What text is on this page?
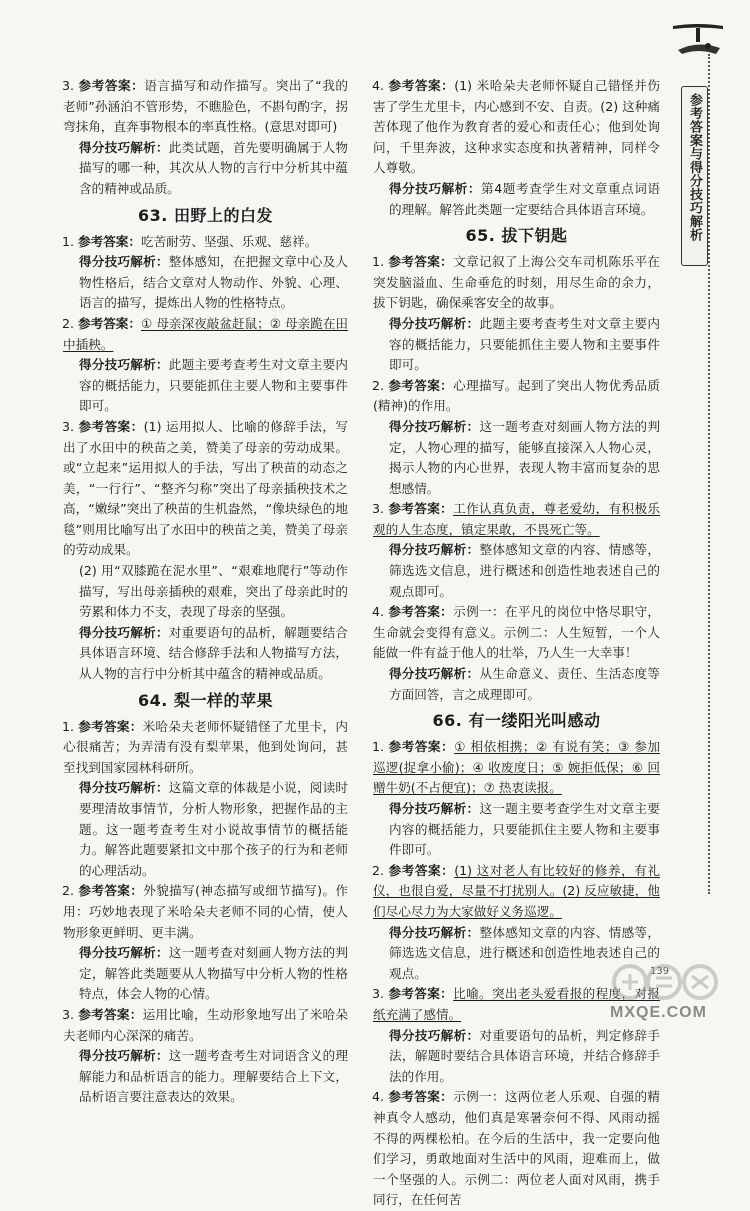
参考答案与得分技巧解析

3. 参考答案：语言描写和动作描写。突出了“我的老师”孙涵泊不管形势，不瞧脸色，不斟句酌字，拐弯抹角，直奔事物根本的率真性格。(意思对即可)

得分技巧解析：此类试题，首先要明确属于人物描写的哪一种，其次从人物的言行中分析其中蕴含的精神或品质。

63. 田野上的白发

1. 参考答案：吃苦耐劳、坚强、乐观、慈祥。

得分技巧解析：整体感知，在把握文章中心及人物性格后，结合文章对人物动作、外貌、心理、语言的描写，提炼出人物的性格特点。

2. 参考答案：① 母亲深夜敲盆赶鼠；② 母亲跪在田中插秧。

得分技巧解析：此题主要考查考生对文章主要内容的概括能力，只要能抓住主要人物和主要事件即可。

3. 参考答案：(1) 运用拟人、比喻的修辞手法，写出了水田中的秧苗之美，赞美了母亲的劳动成果。或“立起来”运用拟人的手法，写出了秧苗的动态之美，“一行行”、“整齐匀称”突出了母亲插秧技术之高，“嫩绿”突出了秧苗的生机盎然，“像块绿色的地毯”则用比喻写出了水田中的秧苗之美，赞美了母亲的劳动成果。

(2) 用“双膝跪在泥水里”、“艰难地爬行”等动作描写，写出母亲插秧的艰难，突出了母亲此时的劳累和体力不支，表现了母亲的坚强。

得分技巧解析：对重要语句的品析，解题要结合具体语言环境、结合修辞手法和人物描写方法，从人物的言行中分析其中蕴含的精神或品质。

64. 梨一样的苹果

1. 参考答案：米哈朵夫老师怀疑错怪了尤里卡，内心很痛苦；为弄清有没有梨苹果，他到处询问，甚至找到国家园林科研所。

得分技巧解析：这篇文章的体裁是小说，阅读时要理清故事情节，分析人物形象，把握作品的主题。这一题考查考生对小说故事情节的概括能力。解答此题要紧扣文中那个孩子的行为和老师的心理活动。

2. 参考答案：外貌描写(神态描写或细节描写)。作用：巧妙地表现了米哈朵夫老师不同的心情，使人物形象更鲜明、更丰满。

得分技巧解析：这一题考查对刻画人物方法的判定，解答此类题要从人物描写中分析人物的性格特点，体会人物的心情。

3. 参考答案：运用比喻，生动形象地写出了米哈朵夫老师内心深深的痛苦。

得分技巧解析：这一题考查考生对词语含义的理解能力和品析语言的能力。理解要结合上下文，品析语言要注意表达的效果。

4. 参考答案：(1) 米哈朵夫老师怀疑自己错怪并伤害了学生尤里卡，内心感到不安、自责。(2) 这种痛苦体现了他作为教育者的爱心和责任心；他到处询问，千里奔波，这种求实态度和执著精神，同样令人尊敬。

得分技巧解析：第4题考查学生对文章重点词语的理解。解答此类题一定要结合具体语言环境。

65. 拔下钥匙

1. 参考答案：文章记叙了上海公交车司机陈乐平在突发脑溢血、生命垂危的时刻，用尽生命的余力，拔下钥匙，确保乘客安全的故事。

得分技巧解析：此题主要考查考生对文章主要内容的概括能力，只要能抓住主要人物和主要事件即可。

2. 参考答案：心理描写。起到了突出人物优秀品质(精神)的作用。

得分技巧解析：这一题考查对刻画人物方法的判定，人物心理的描写，能够直接深入人物心灵，揭示人物的内心世界，表现人物丰富而复杂的思想感情。

3. 参考答案：工作认真负责，尊老爱幼，有积极乐观的人生态度，镇定果敢，不畏死亡等。

得分技巧解析：整体感知文章的内容、情感等，筛选选文信息，进行概述和创造性地表述自己的观点即可。

4. 参考答案：示例一：在平凡的岗位中恪尽职守，生命就会变得有意义。示例二：人生短暂，一个人能做一件有益于他人的壮举，乃人生一大幸事！

得分技巧解析：从生命意义、责任、生活态度等方面回答，言之成理即可。

66. 有一缕阳光叫感动

1. 参考答案：① 相依相携；② 有说有笑；③ 参加巡逻(捉拿小偷)；④ 收废度日；⑤ 婉拒低保；⑥ 回赠牛奶(不占便宜)；⑦ 热衷读报。

得分技巧解析：这一题主要考查学生对文章主要内容的概括能力，只要能抓住主要人物和主要事件即可。

2. 参考答案：(1) 这对老人有比较好的修养，有礼仪，也很自爱，尽量不打扰别人。(2) 反应敏捷，他们尽心尽力为大家做好义务巡逻。

得分技巧解析：整体感知文章的内容、情感等，筛选选文信息，进行概述和创造性地表述自己的观点。

3. 参考答案：比喻。突出老头爱看报的程度，对报纸充满了感情。

得分技巧解析：对重要语句的品析，判定修辞手法，解题时要结合具体语言环境，并结合修辞手法的作用。

4. 参考答案：示例一：这两位老人乐观、自强的精神真令人感动，他们真是寒暑奈何不得、风雨动摇不得的两棵松柏。在今后的生活中，我一定要向他们学习，勇敢地面对生活中的风雨，迎难而上，做一个坚强的人。示例二：两位老人面对风雨，携手同行，在任何苦

139
MXQE.COM
